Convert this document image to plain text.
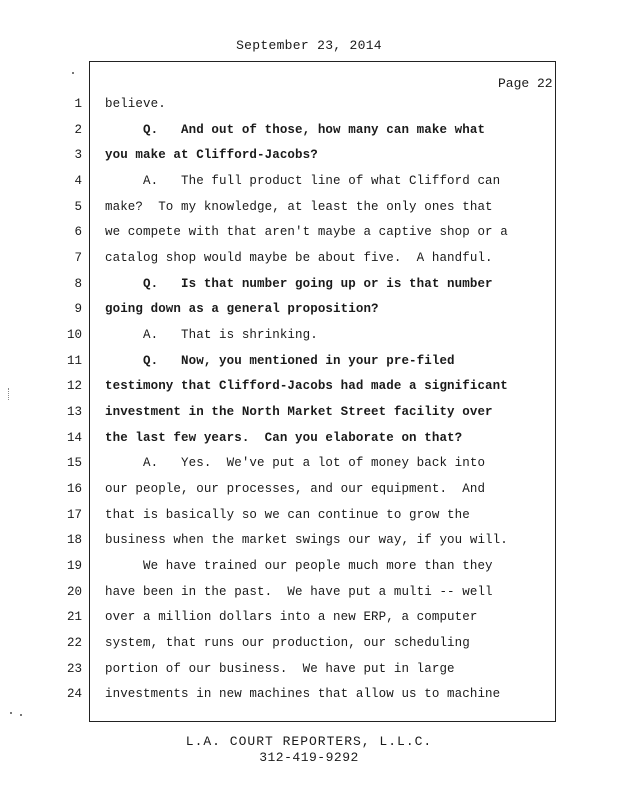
September 23, 2014
Page 22
1
2
3
4
5
6
7
8
9
10
11
12
13
14
15
16
17
18
19
20
21
22
23
24
believe.
Q.   And out of those, how many can make what
you make at Clifford-Jacobs?
A.   The full product line of what Clifford can
make?  To my knowledge, at least the only ones that
we compete with that aren't maybe a captive shop or a
catalog shop would maybe be about five.  A handful.
Q.   Is that number going up or is that number
going down as a general proposition?
A.   That is shrinking.
Q.   Now, you mentioned in your pre-filed
testimony that Clifford-Jacobs had made a significant
investment in the North Market Street facility over
the last few years.  Can you elaborate on that?
A.   Yes.  We've put a lot of money back into
our people, our processes, and our equipment.  And
that is basically so we can continue to grow the
business when the market swings our way, if you will.
We have trained our people much more than they
have been in the past.  We have put a multi -- well
over a million dollars into a new ERP, a computer
system, that runs our production, our scheduling
portion of our business.  We have put in large
investments in new machines that allow us to machine
L.A. COURT REPORTERS, L.L.C.
312-419-9292
